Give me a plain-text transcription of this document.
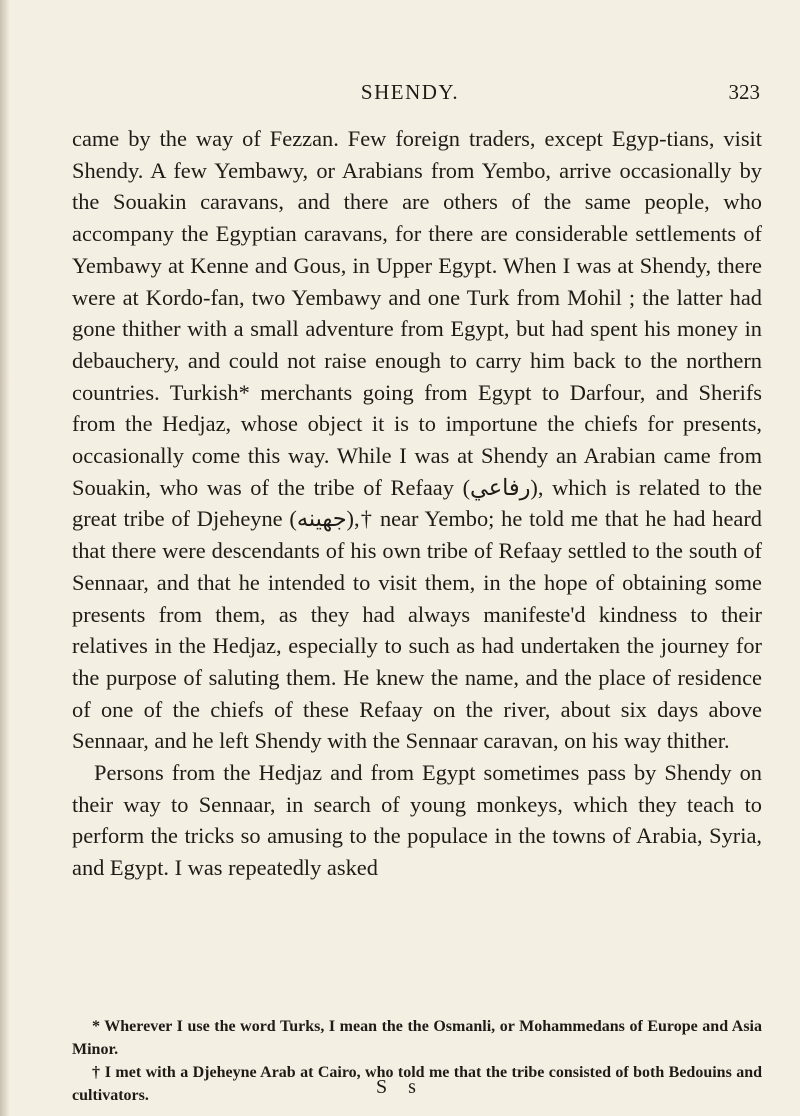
SHENDY.	323

came by the way of Fezzan. Few foreign traders, except Egyp-tians, visit Shendy. A few Yembawy, or Arabians from Yembo, arrive occasionally by the Souakin caravans, and there are others of the same people, who accompany the Egyptian caravans, for there are considerable settlements of Yembawy at Kenne and Gous, in Upper Egypt. When I was at Shendy, there were at Kordo-fan, two Yembawy and one Turk from Mohil ; the latter had gone thither with a small adventure from Egypt, but had spent his money in debauchery, and could not raise enough to carry him back to the northern countries. Turkish* merchants going from Egypt to Darfour, and Sherifs from the Hedjaz, whose object it is to importune the chiefs for presents, occasionally come this way. While I was at Shendy an Arabian came from Souakin, who was of the tribe of Refaay (رفاعي), which is related to the great tribe of Djeheyne (جهينه),† near Yembo; he told me that he had heard that there were descendants of his own tribe of Refaay settled to the south of Sennaar, and that he intended to visit them, in the hope of obtaining some presents from them, as they had always manifeste'd kindness to their relatives in the Hedjaz, especially to such as had undertaken the journey for the purpose of saluting them. He knew the name, and the place of residence of one of the chiefs of these Refaay on the river, about six days above Sennaar, and he left Shendy with the Sennaar caravan, on his way thither.

Persons from the Hedjaz and from Egypt sometimes pass by Shendy on their way to Sennaar, in search of young monkeys, which they teach to perform the tricks so amusing to the populace in the towns of Arabia, Syria, and Egypt. I was repeatedly asked

* Wherever I use the word Turks, I mean the the Osmanli, or Mohammedans of Europe and Asia Minor.

† I met with a Djeheyne Arab at Cairo, who told me that the tribe consisted of both Bedouins and cultivators.	S s
